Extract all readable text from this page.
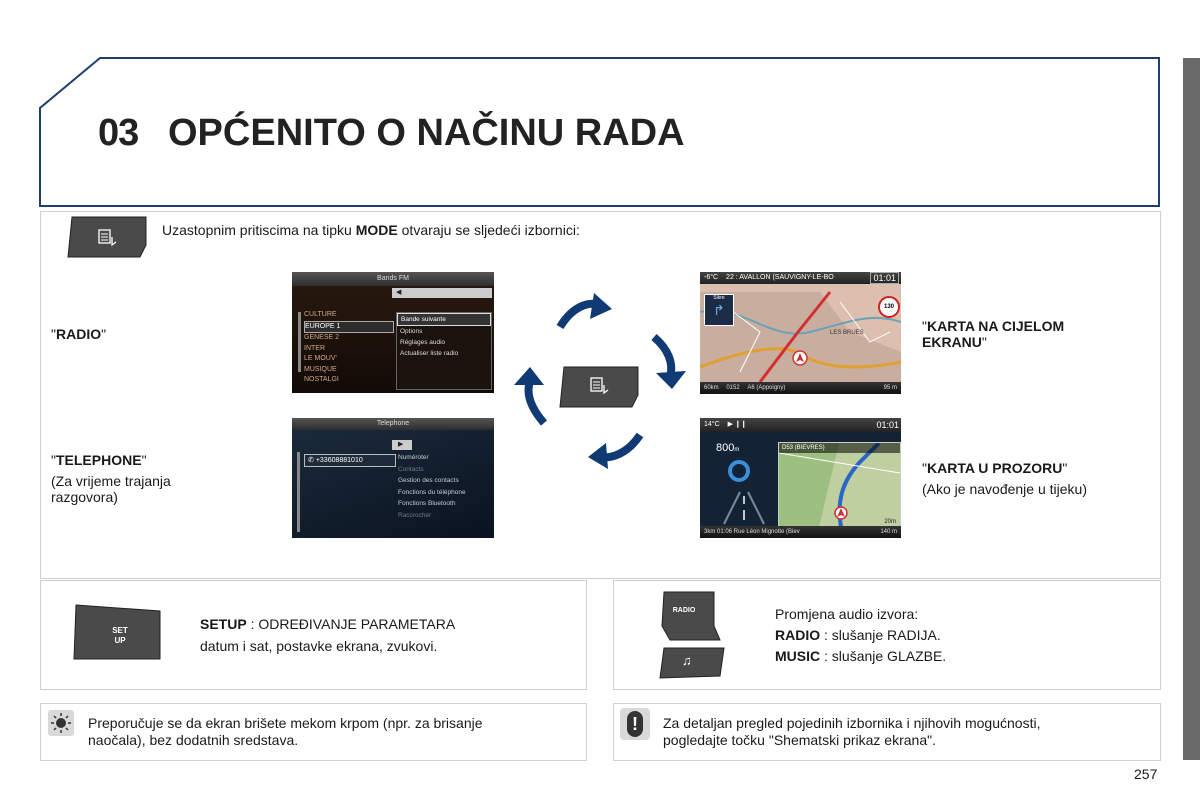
03 OPĆENITO O NAČINU RADA
Uzastopnim pritiscima na tipku MODE otvaraju se sljedeći izbornici:
"RADIO"
"TELEPHONE"
(Za vrijeme trajanja
razgovora)
"KARTA NA CIJELOM
EKRANU"
"KARTA U PROZORU"
(Ako je navođenje u tijeku)
Bands FM
◀
CULTURE
EUROPE 1
GENESE 2
INTER
LE MOUV'
MUSIQUE
NOSTALGI
Bande suivante
Options
Réglages audio
Actualiser liste radio
Telephone
▶
✆ +33608881010	Numéroter
Contacts
Gestion des contacts
Fonctions du téléphone
Fonctions Bluetooth
Raccrocher
-6°C 22 : AVALLON (SAUVIGNY-LE-BO	01:01
Sikre
↱	130
LES BRUES
60km 0152 A6 (Appoigny)	95 m
14°C ▶ ❙❙	01:01
800m	D53 (BIEVRES)
20m
3km 01:06 Rue Léon Mignotte (Biev	140 m
SET
UP
SETUP : ODREĐIVANJE PARAMETARA
datum i sat, postavke ekrana, zvukovi.
RADIO
♫
Promjena audio izvora:
RADIO : slušanje RADIJA.
MUSIC : slušanje GLAZBE.
Preporučuje se da ekran brišete mekom krpom (npr. za brisanje
naočala), bez dodatnih sredstava.
!	Za detaljan pregled pojedinih izbornika i njihovih mogućnosti,
pogledajte točku "Shematski prikaz ekrana".
257
